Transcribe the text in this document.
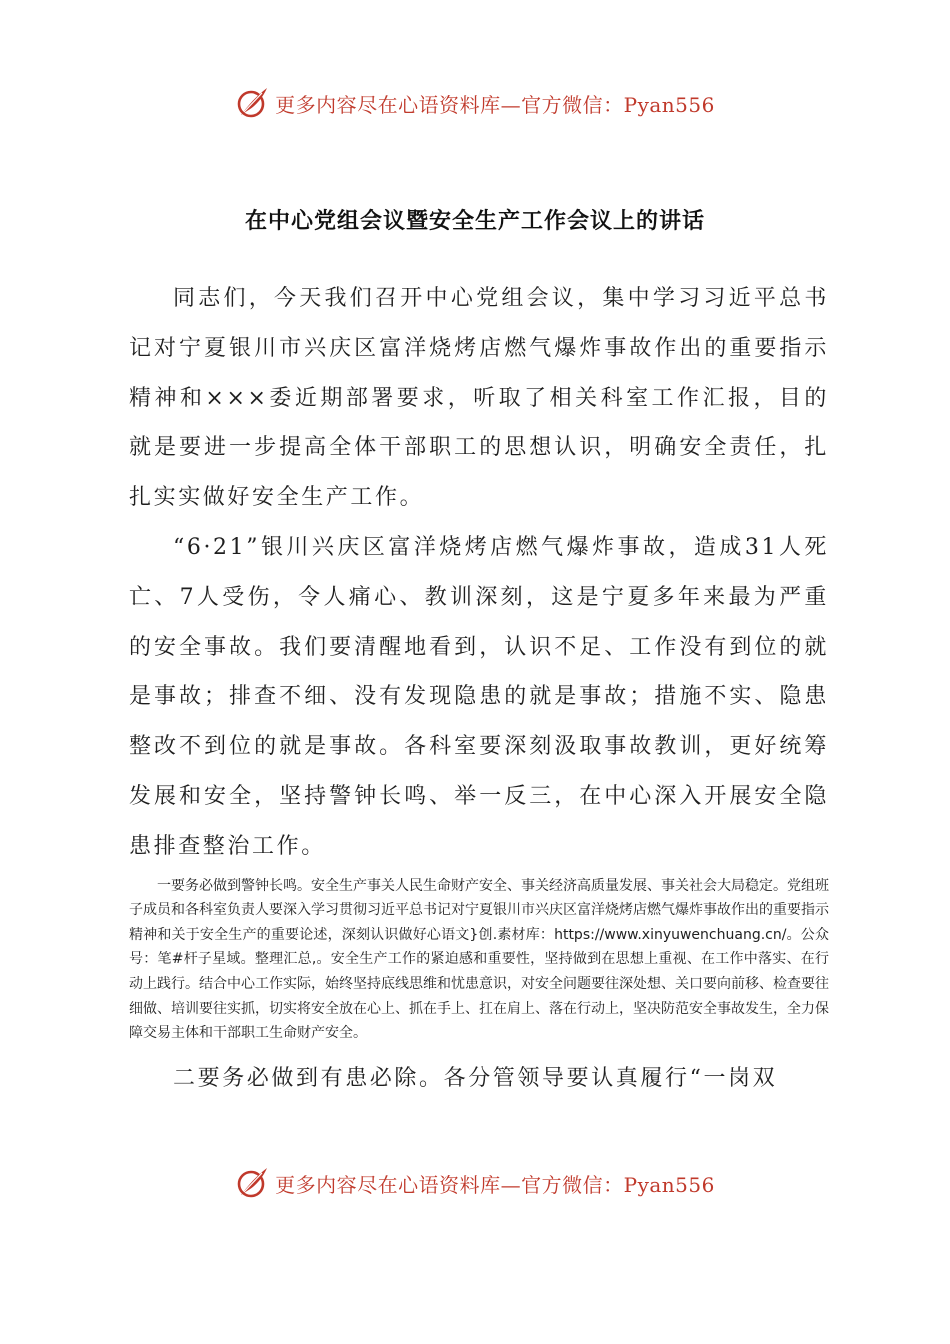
更多内容尽在心语资料库—官方微信：Pyan556
在中心党组会议暨安全生产工作会议上的讲话

同志们，今天我们召开中心党组会议，集中学习习近平总书记对宁夏银川市兴庆区富洋烧烤店燃气爆炸事故作出的重要指示精神和×××委近期部署要求，听取了相关科室工作汇报，目的就是要进一步提高全体干部职工的思想认识，明确安全责任，扎扎实实做好安全生产工作。

“6·21”银川兴庆区富洋烧烤店燃气爆炸事故，造成31人死亡、7人受伤，令人痛心、教训深刻，这是宁夏多年来最为严重的安全事故。我们要清醒地看到，认识不足、工作没有到位的就是事故；排查不细、没有发现隐患的就是事故；措施不实、隐患整改不到位的就是事故。各科室要深刻汲取事故教训，更好统筹发展和安全，坚持警钟长鸣、举一反三，在中心深入开展安全隐患排查整治工作。

一要务必做到警钟长鸣。安全生产事关人民生命财产安全、事关经济高质量发展、事关社会大局稳定。党组班子成员和各科室负责人要深入学习贯彻习近平总书记对宁夏银川市兴庆区富洋烧烤店燃气爆炸事故作出的重要指示精神和关于安全生产的重要论述，深刻认识做好心语文}创.素材库：https://www.xinyuwenchuang.cn/。公众号：笔#杆子星域。整理汇总,。安全生产工作的紧迫感和重要性，坚持做到在思想上重视、在工作中落实、在行动上践行。结合中心工作实际，始终坚持底线思维和忧患意识，对安全问题要往深处想、关口要向前移、检查要往细做、培训要往实抓，切实将安全放在心上、抓在手上、扛在肩上、落在行动上，坚决防范安全事故发生，全力保障交易主体和干部职工生命财产安全。

二要务必做到有患必除。各分管领导要认真履行“一岗双

更多内容尽在心语资料库—官方微信：Pyan556
